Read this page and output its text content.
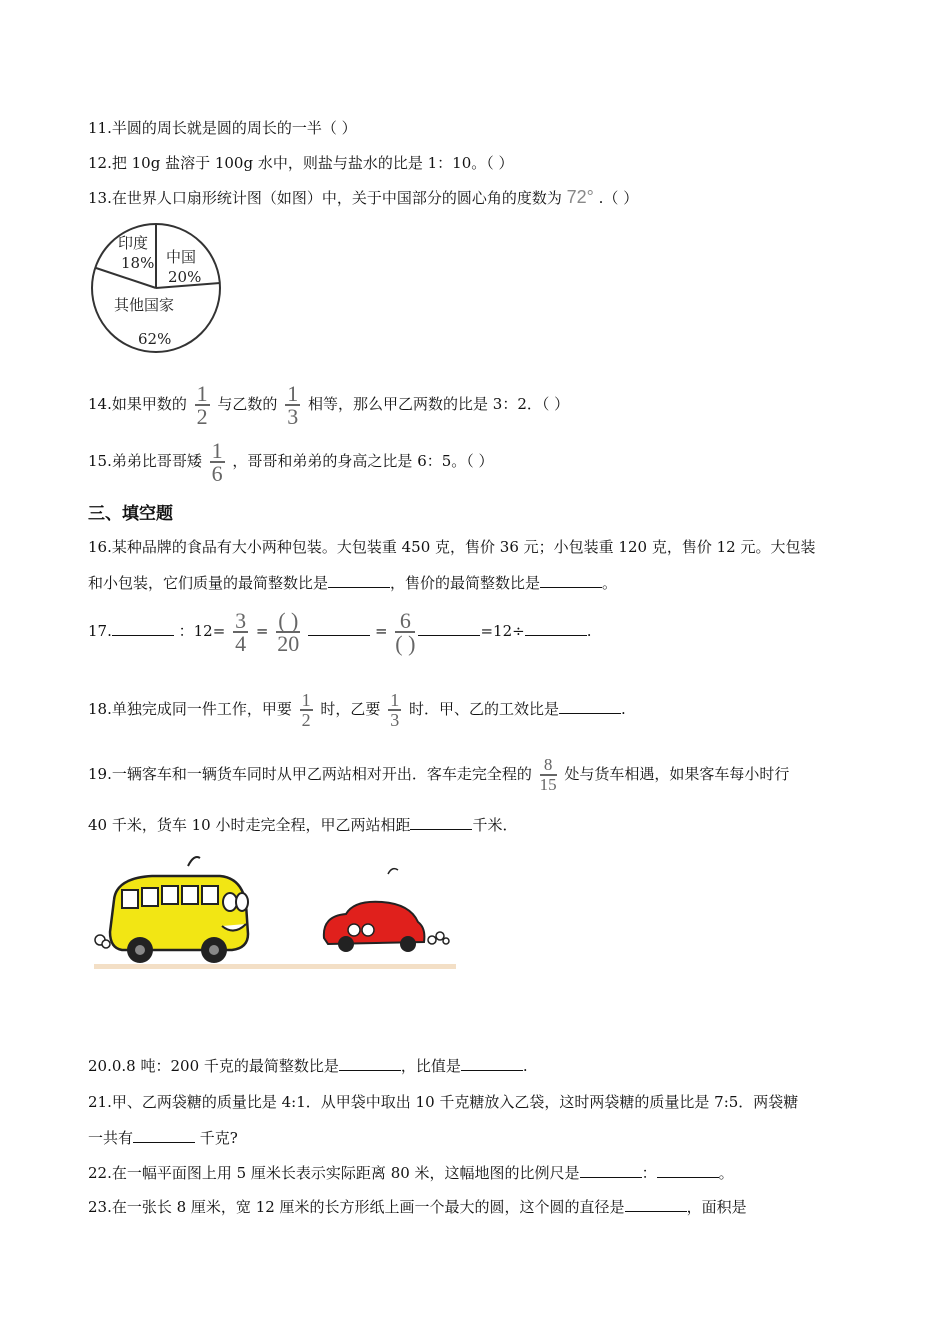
11.半圆的周长就是圆的周长的一半（ ）
12.把 10g 盐溶于 100g 水中，则盐与盐水的比是 1：10。（ ）
13.在世界人口扇形统计图（如图）中，关于中国部分的圆心角的度数为 72° .（ ）
印度
18% 中国
20%
其他国家
62%
14.如果甲数的 $\frac{1}{2}$ 与乙数的 $\frac{1}{3}$ 相等，那么甲乙两数的比是 3：2．（ ）
15.弟弟比哥哥矮 $\frac{1}{6}$ ，哥哥和弟弟的身高之比是 6：5。（ ）
三、填空题
16.某种品牌的食品有大小两种包装。大包装重 450 克，售价 36 元；小包装重 120 克，售价 12 元。大包装
和小包装，它们质量的最简整数比是	，售价的最简整数比是	。
17.	：$12= \frac{3}{4} = \frac{( )}{20}$	= $\frac{6}{( )}$	=12÷	.
18.单独完成同一件工作，甲要 $\frac{1}{2}$ 时，乙要 $\frac{1}{3}$ 时．甲、乙的工效比是	.
19.一辆客车和一辆货车同时从甲乙两站相对开出．客车走完全程的 $\frac{8}{15}$ 处与货车相遇，如果客车每小时行
40 千米，货车 10 小时走完全程，甲乙两站相距	千米．
20.0.8 吨：200 千克的最简整数比是	，比值是	.
21.甲、乙两袋糖的质量比是 4:1．从甲袋中取出 10 千克糖放入乙袋，这时两袋糖的质量比是 7:5．两袋糖
一共有	千克?
22.在一幅平面图上用 5 厘米长表示实际距离 80 米，这幅地图的比例尺是	：	。
23.在一张长 8 厘米，宽 12 厘米的长方形纸上画一个最大的圆，这个圆的直径是	，面积是
